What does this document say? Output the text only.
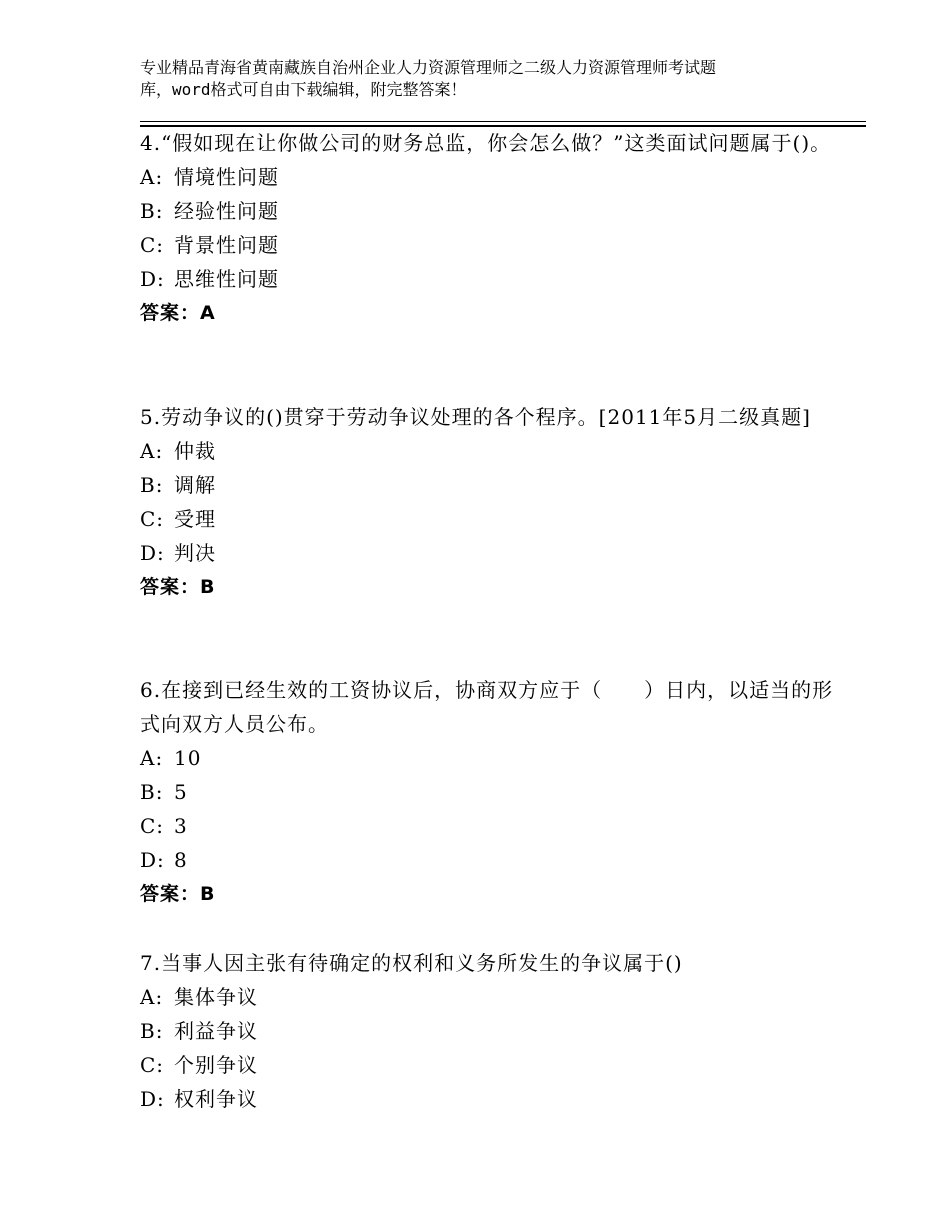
专业精品青海省黄南藏族自治州企业人力资源管理师之二级人力资源管理师考试题
库，word格式可自由下载编辑，附完整答案！

4.“假如现在让你做公司的财务总监，你会怎么做？”这类面试问题属于()。

A: 情境性问题

B: 经验性问题

C: 背景性问题

D: 思维性问题

答案：A

5.劳动争议的()贯穿于劳动争议处理的各个程序。[2011年5月二级真题]

A: 仲裁

B: 调解

C: 受理

D: 判决

答案：B

6.在接到已经生效的工资协议后，协商双方应于（　　）日内，以适当的形式向双方人员公布。

A: 10

B: 5

C: 3

D: 8

答案：B

7.当事人因主张有待确定的权利和义务所发生的争议属于()

A: 集体争议

B: 利益争议

C: 个别争议

D: 权利争议
